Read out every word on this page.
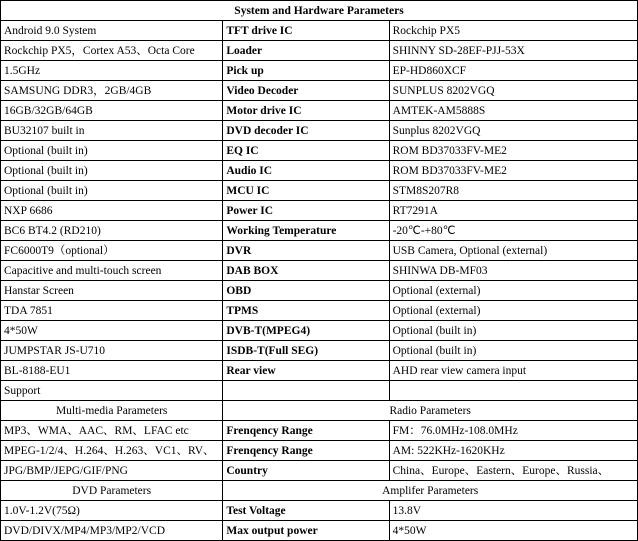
System and Hardware Parameters		
Android 9.0 System	TFT drive IC	Rockchip PX5
Rockchip PX5，Cortex A53、Octa Core	Loader	SHINNY SD-28EF-PJJ-53X
1.5GHz	Pick up	EP-HD860XCF
SAMSUNG DDR3，2GB/4GB	Video Decoder	SUNPLUS 8202VGQ
16GB/32GB/64GB	Motor drive IC	AMTEK-AM5888S
BU32107 built in	DVD decoder IC	Sunplus 8202VGQ
Optional (built in)	EQ IC	ROM BD37033FV-ME2
Optional (built in)	Audio IC	ROM BD37033FV-ME2
Optional (built in)	MCU IC	STM8S207R8
NXP 6686	Power IC	RT7291A
BC6 BT4.2 (RD210)	Working Temperature	-20℃-+80℃
FC6000T9（optional）	DVR	USB Camera, Optional (external)
Capacitive and multi-touch screen	DAB BOX	SHINWA DB-MF03
Hanstar Screen	OBD	Optional (external)
TDA 7851	TPMS	Optional (external)
4*50W	DVB-T(MPEG4)	Optional (built in)
JUMPSTAR JS-U710	ISDB-T(Full SEG)	Optional (built in)
BL-8188-EU1	Rear view	AHD rear view camera input
Support		
Multi-media Parameters	Radio Parameters	
MP3、WMA、AAC、RM、LFAC etc	Frenqency Range	FM：76.0MHz-108.0MHz
MPEG-1/2/4、H.264、H.263、VC1、RV、	Frenqency Range	AM: 522KHz-1620KHz
JPG/BMP/JEPG/GIF/PNG	Country	China、Europe、Eastern、Europe、Russia、
DVD Parameters	Amplifer Parameters	
1.0V-1.2V(75Ω)	Test Voltage	13.8V
DVD/DIVX/MP4/MP3/MP2/VCD	Max output power	4*50W
